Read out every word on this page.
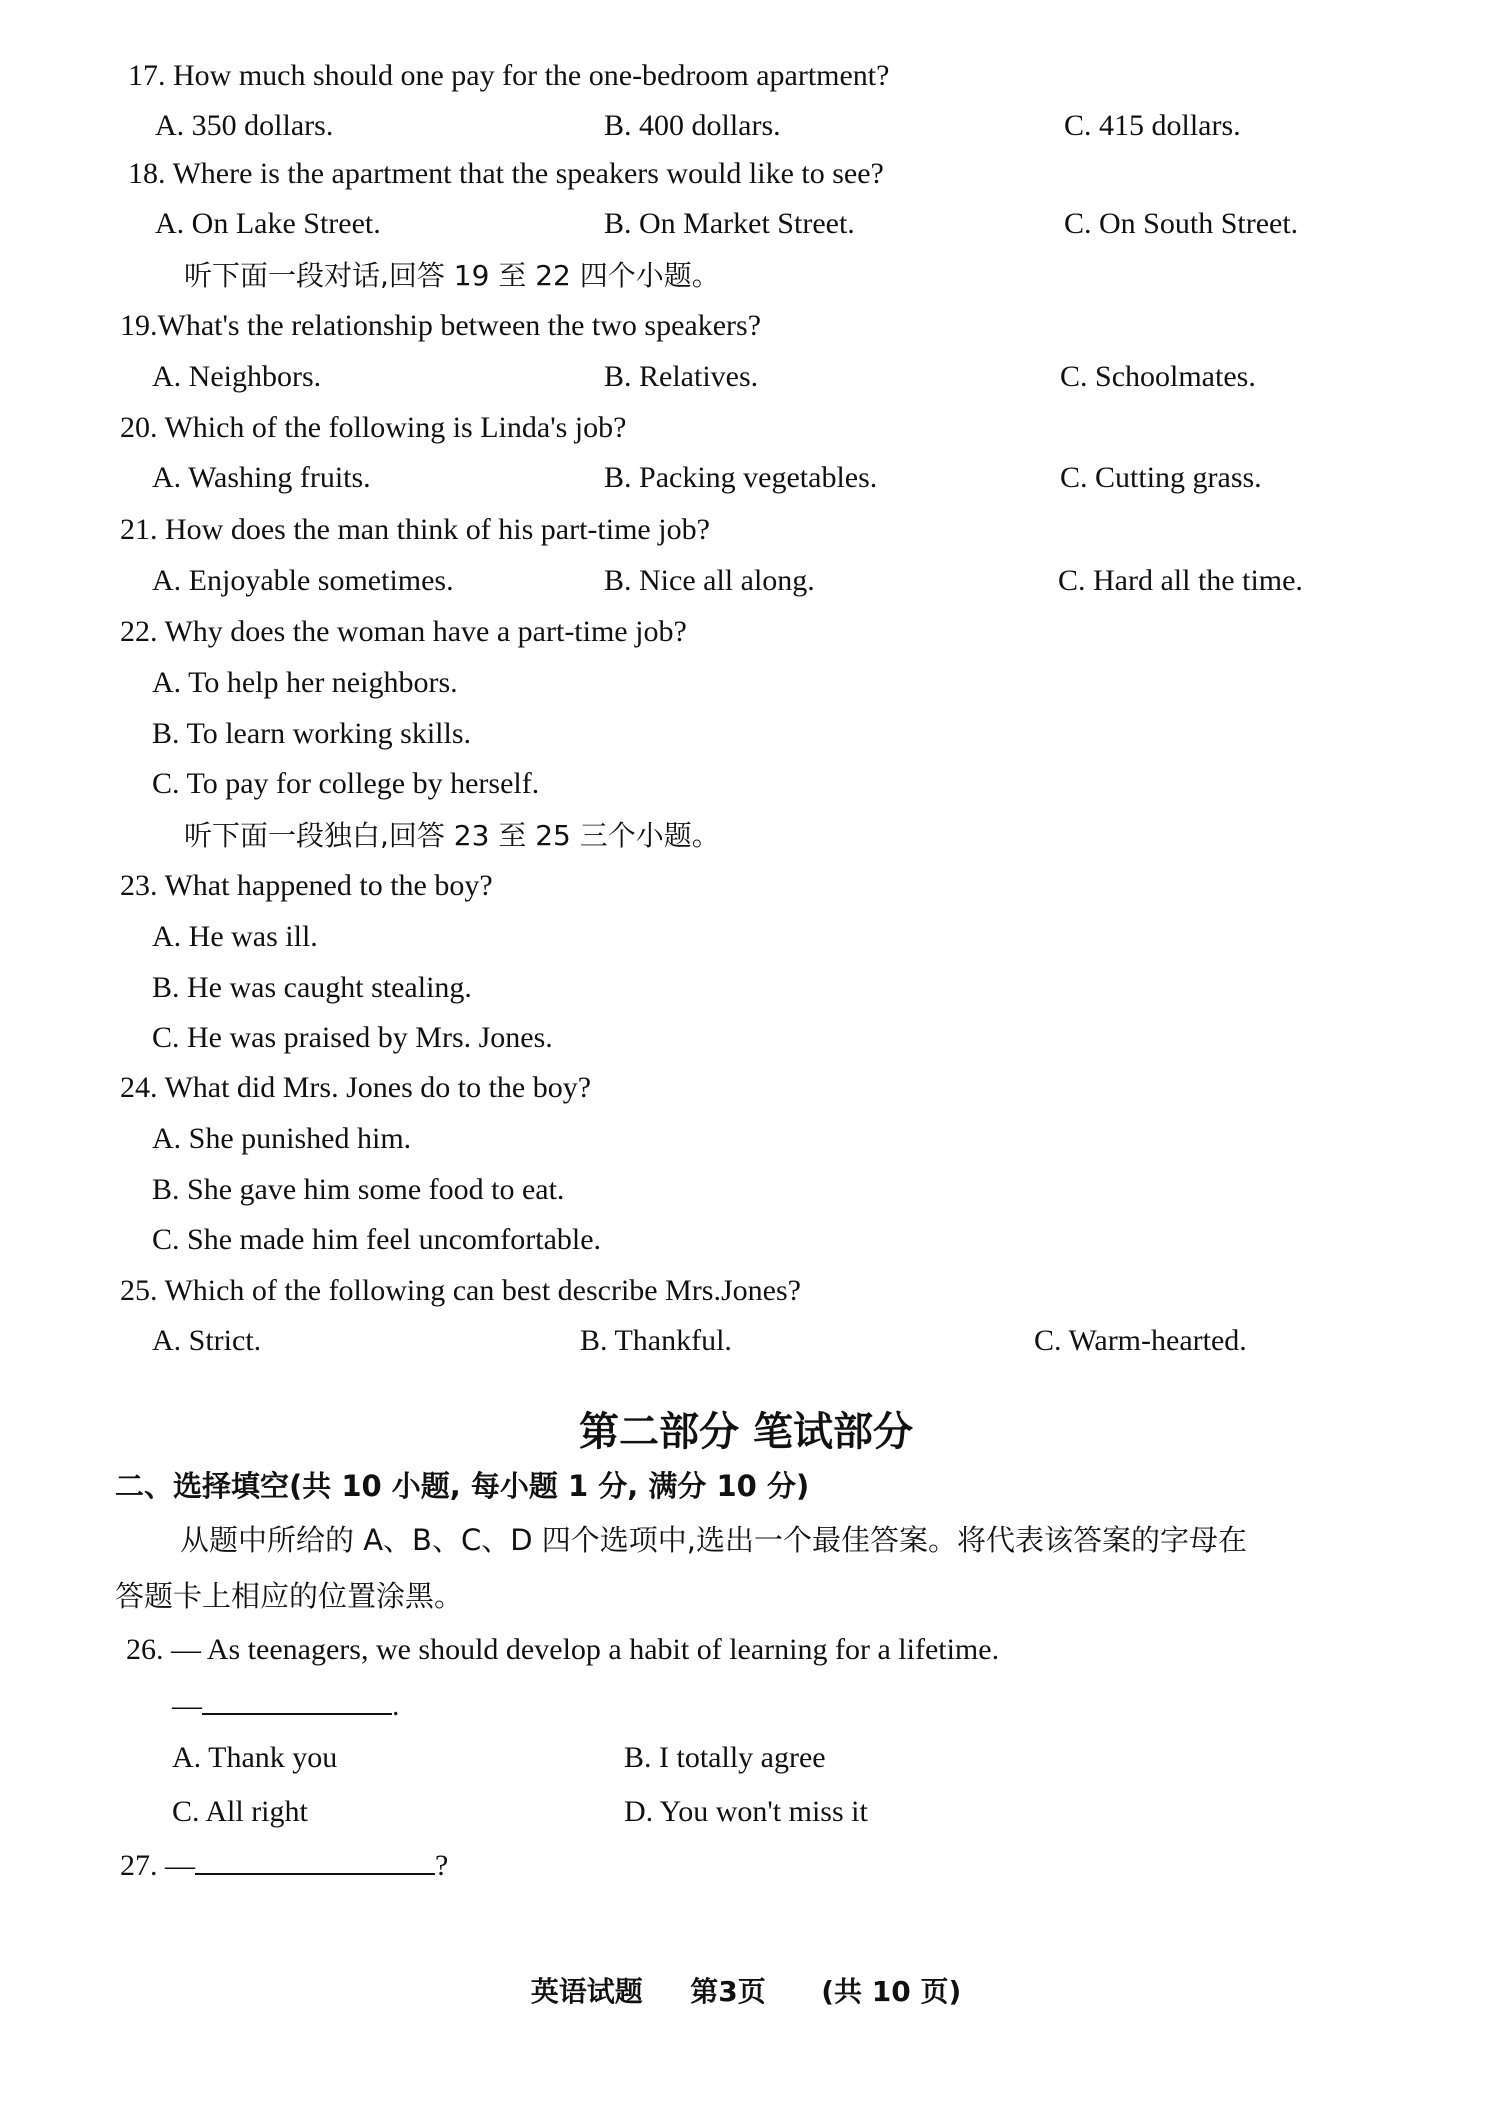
17. How much should one pay for the one-bedroom apartment?
A. 350 dollars.	B. 400 dollars.	C. 415 dollars.
18. Where is the apartment that the speakers would like to see?
A. On Lake Street.	B. On Market Street.	C. On South Street.
听下面一段对话,回答 19 至 22 四个小题。
19.What's the relationship between the two speakers?
A. Neighbors.	B. Relatives.	C. Schoolmates.
20. Which of the following is Linda's job?
A. Washing fruits.	B. Packing vegetables.	C. Cutting grass.
21. How does the man think of his part-time job?
A. Enjoyable sometimes.	B. Nice all along.	C. Hard all the time.
22. Why does the woman have a part-time job?
A. To help her neighbors.
B. To learn working skills.
C. To pay for college by herself.
听下面一段独白,回答 23 至 25 三个小题。
23. What happened to the boy?
A. He was ill.
B. He was caught stealing.
C. He was praised by Mrs. Jones.
24. What did Mrs. Jones do to the boy?
A. She punished him.
B. She gave him some food to eat.
C. She made him feel uncomfortable.
25. Which of the following can best describe Mrs.Jones?
A. Strict.	B. Thankful.	C. Warm-hearted.
第二部分 笔试部分
二、选择填空(共 10 小题, 每小题 1 分, 满分 10 分)
从题中所给的 A、B、C、D 四个选项中,选出一个最佳答案。将代表该答案的字母在
答题卡上相应的位置涂黑。
26. — As teenagers, we should develop a habit of learning for a lifetime.
—	.
A. Thank you	B. I totally agree
C. All right	D. You won't miss it
27. —	?
英语试题 第3页 (共 10 页)
